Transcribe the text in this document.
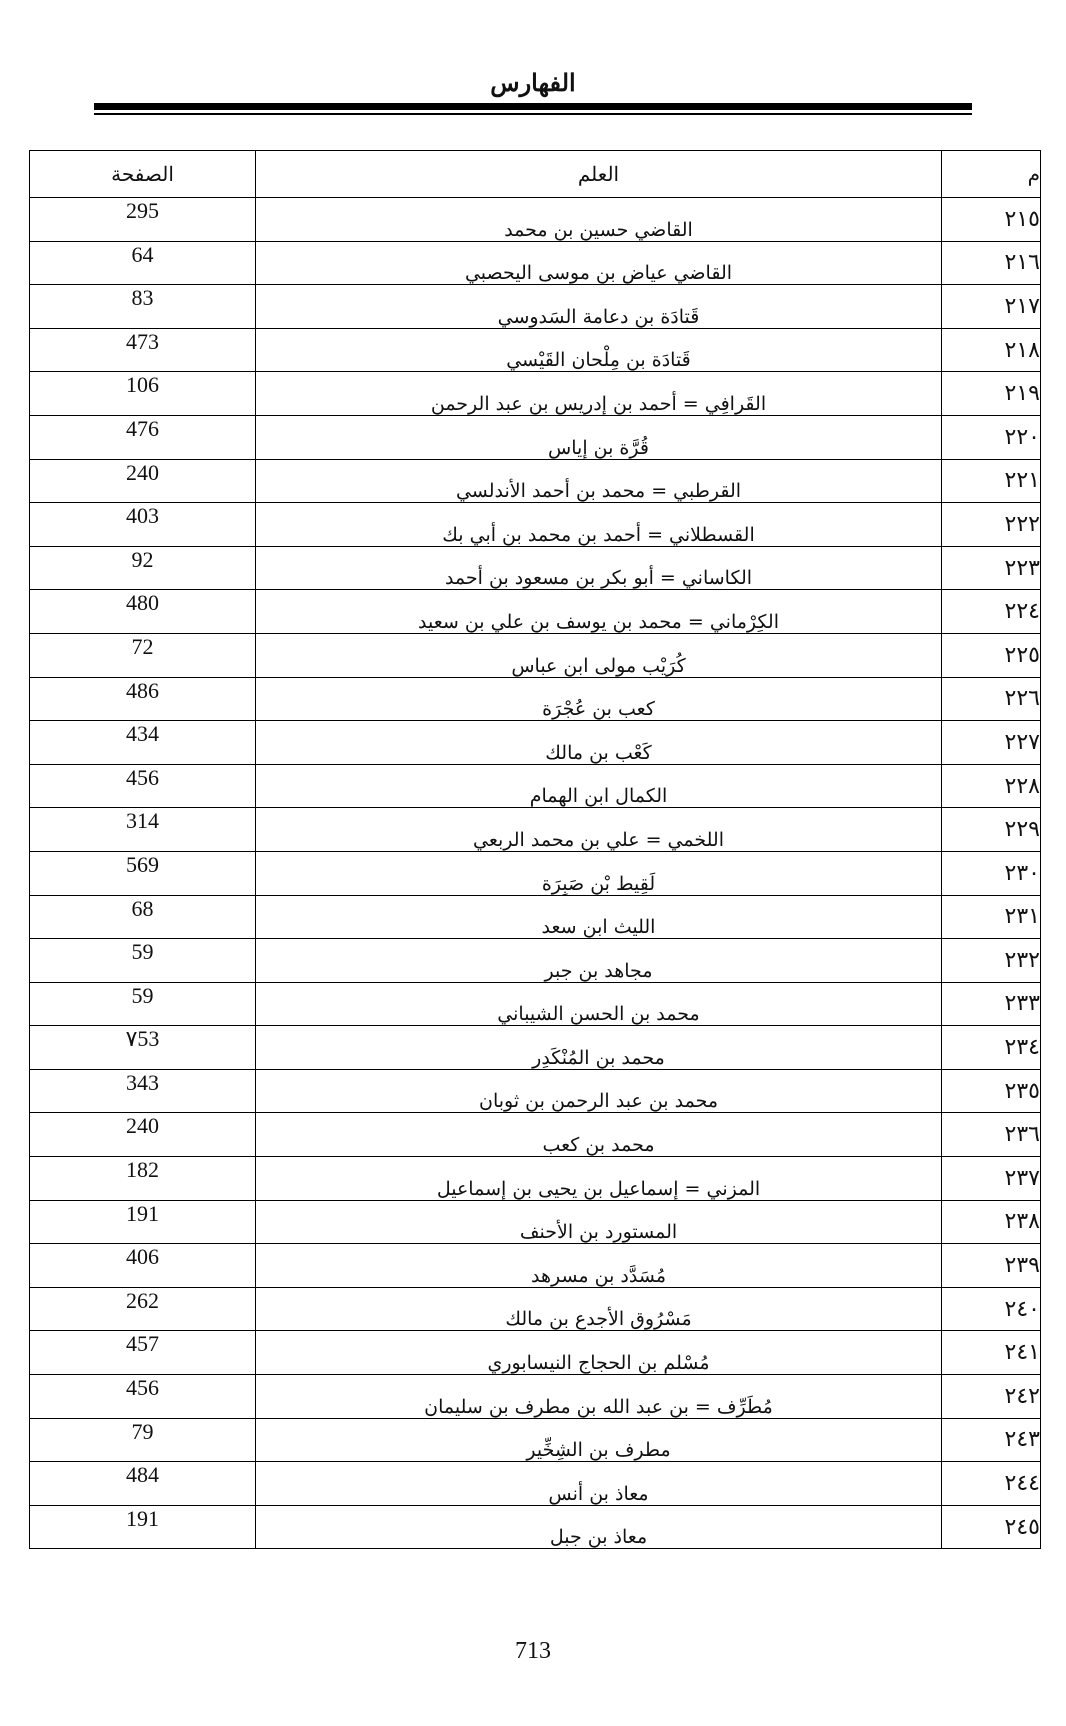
الفهارس
الصفحة	العلم	م
295	القاضي حسين بن محمد	٢١٥
64	القاضي عياض بن موسى اليحصبي	٢١٦
83	قَتادَة بن دعامة السَدوسي	٢١٧
473	قَتادَة بن مِلْحان القَيْسي	٢١٨
106	القَرافِي = أحمد بن إدريس بن عبد الرحمن	٢١٩
476	قُرَّة بن إياس	٢٢٠
240	القرطبي = محمد بن أحمد الأندلسي	٢٢١
403	القسطلاني = أحمد بن محمد بن أبي بك	٢٢٢
92	الكاساني = أبو بكر بن مسعود بن أحمد	٢٢٣
480	الكِرْماني = محمد بن يوسف بن علي بن سعيد	٢٢٤
72	كُرَيْب مولى ابن عباس	٢٢٥
486	كعب بن عُجْرَة	٢٢٦
434	كَعْب بن مالك	٢٢٧
456	الكمال ابن الهمام	٢٢٨
314	اللخمي = علي بن محمد الربعي	٢٢٩
569	لَقِيط بْن صَبِرَة	٢٣٠
68	الليث ابن سعد	٢٣١
59	مجاهد بن جبر	٢٣٢
59	محمد بن الحسن الشيباني	٢٣٣
٧53	محمد بن المُنْكَدِر	٢٣٤
343	محمد بن عبد الرحمن بن ثوبان	٢٣٥
240	محمد بن كعب	٢٣٦
182	المزني = إسماعيل بن يحيى بن إسماعيل	٢٣٧
191	المستورد بن الأحنف	٢٣٨
406	مُسَدَّد بن مسرهد	٢٣٩
262	مَسْرُوق الأجدع بن مالك	٢٤٠
457	مُسْلم بن الحجاج النيسابوري	٢٤١
456	مُطَرِّف = بن عبد الله بن مطرف بن سليمان	٢٤٢
79	مطرف بن الشِخِّير	٢٤٣
484	معاذ بن أنس	٢٤٤
191	معاذ بن جبل	٢٤٥
713
